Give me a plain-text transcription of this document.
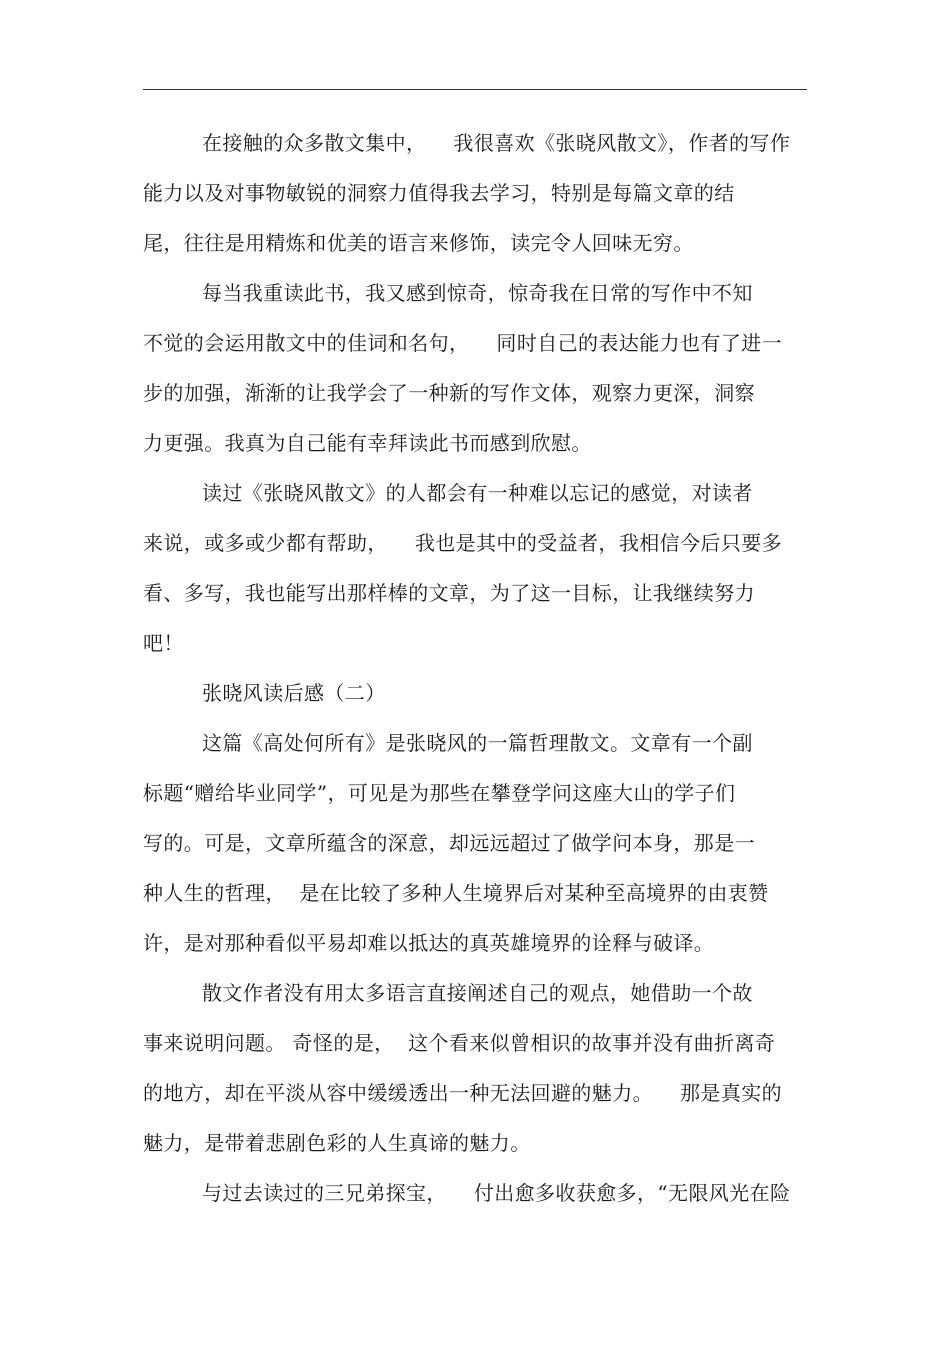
在接触的众多散文集中，    我很喜欢《张晓风散文》，作者的写作

能力以及对事物敏锐的洞察力值得我去学习，特别是每篇文章的结

尾，往往是用精炼和优美的语言来修饰，读完令人回味无穷。

每当我重读此书，我又感到惊奇，惊奇我在日常的写作中不知

不觉的会运用散文中的佳词和名句，    同时自己的表达能力也有了进一

步的加强，渐渐的让我学会了一种新的写作文体，观察力更深，洞察

力更强。我真为自己能有幸拜读此书而感到欣慰。

读过《张晓风散文》的人都会有一种难以忘记的感觉，对读者

来说，或多或少都有帮助，    我也是其中的受益者，我相信今后只要多

看、多写，我也能写出那样棒的文章，为了这一目标，让我继续努力

吧！

张晓风读后感（二）

这篇《高处何所有》是张晓风的一篇哲理散文。文章有一个副

标题“赠给毕业同学”，可见是为那些在攀登学问这座大山的学子们

写的。可是，文章所蕴含的深意，却远远超过了做学问本身，那是一

种人生的哲理，  是在比较了多种人生境界后对某种至高境界的由衷赞

许，是对那种看似平易却难以抵达的真英雄境界的诠释与破译。

散文作者没有用太多语言直接阐述自己的观点，她借助一个故

事来说明问题。 奇怪的是，  这个看来似曾相识的故事并没有曲折离奇

的地方，却在平淡从容中缓缓透出一种无法回避的魅力。    那是真实的

魅力，是带着悲剧色彩的人生真谛的魅力。

与过去读过的三兄弟探宝，    付出愈多收获愈多，“无限风光在险
